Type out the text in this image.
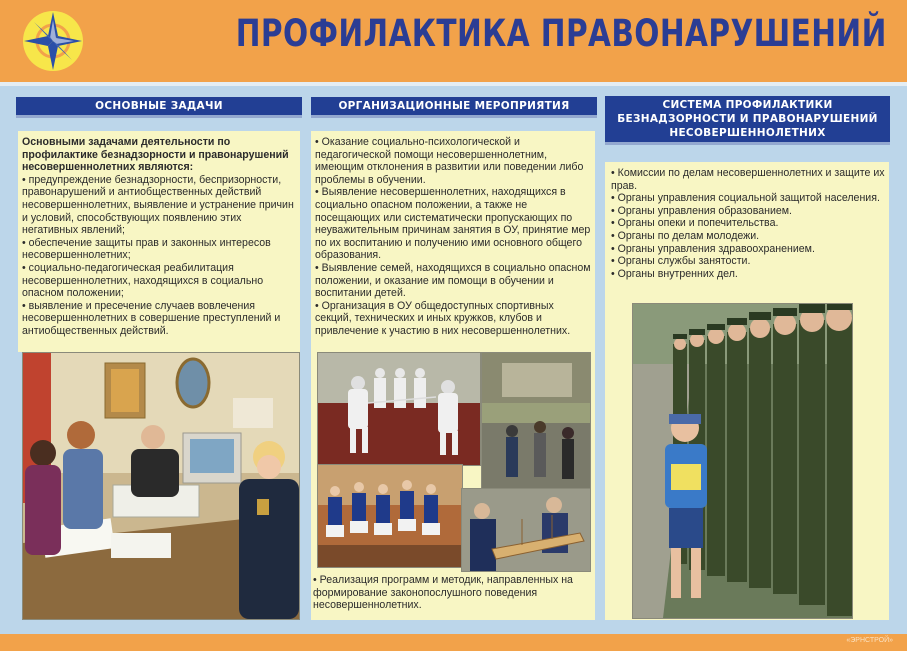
ПРОФИЛАКТИКА ПРАВОНАРУШЕНИЙ
ОСНОВНЫЕ ЗАДАЧИ	ОРГАНИЗАЦИОННЫЕ МЕРОПРИЯТИЯ	СИСТЕМА ПРОФИЛАКТИКИ
БЕЗНАДЗОРНОСТИ И ПРАВОНАРУШЕНИЙ
НЕСОВЕРШЕННОЛЕТНИХ

Основными задачами деятельности по профилактике безнадзорности и правонарушений несовершеннолетних являются:

• предупреждение безнадзорности, беспризорности, правонарушений и антиобщественных действий несовершеннолетних, выявление и устранение причин и условий, способствующих появлению этих негативных явлений;

• обеспечение защиты прав и законных интересов несовершеннолетних;

• социально-педагогическая реабилитация несовершеннолетних, находящихся в социально опасном положении;

• выявление и пресечение случаев вовлечения несовершеннолетних в совершение преступлений и антиобщественных действий.

• Оказание социально-психологической и педагогической помощи несовершеннолетним, имеющим отклонения в развитии или поведении либо проблемы в обучении.

• Выявление несовершеннолетних, находящихся в социально опасном положении, а также не посещающих или систематически пропускающих по неуважительным причинам занятия в ОУ, принятие мер по их воспитанию и получению ими основного общего образования.

• Выявление семей, находящихся в социально опасном положении, и оказание им помощи в обучении и воспитании детей.

• Организация в ОУ общедоступных спортивных секций, технических и иных кружков, клубов и привлечение к участию в них несовершеннолетних.

• Реализация программ и методик, направленных на формирование законопослушного поведения несовершеннолетних.

• Комиссии по делам несовершеннолетних и защите их прав.

• Органы управления социальной защитой населения.

• Органы управления образованием.

• Органы опеки и попечительства.

• Органы по делам молодежи.

• Органы управления здравоохранением.

• Органы службы занятости.

• Органы внутренних дел.

«ЭРНСТРОЙ»
